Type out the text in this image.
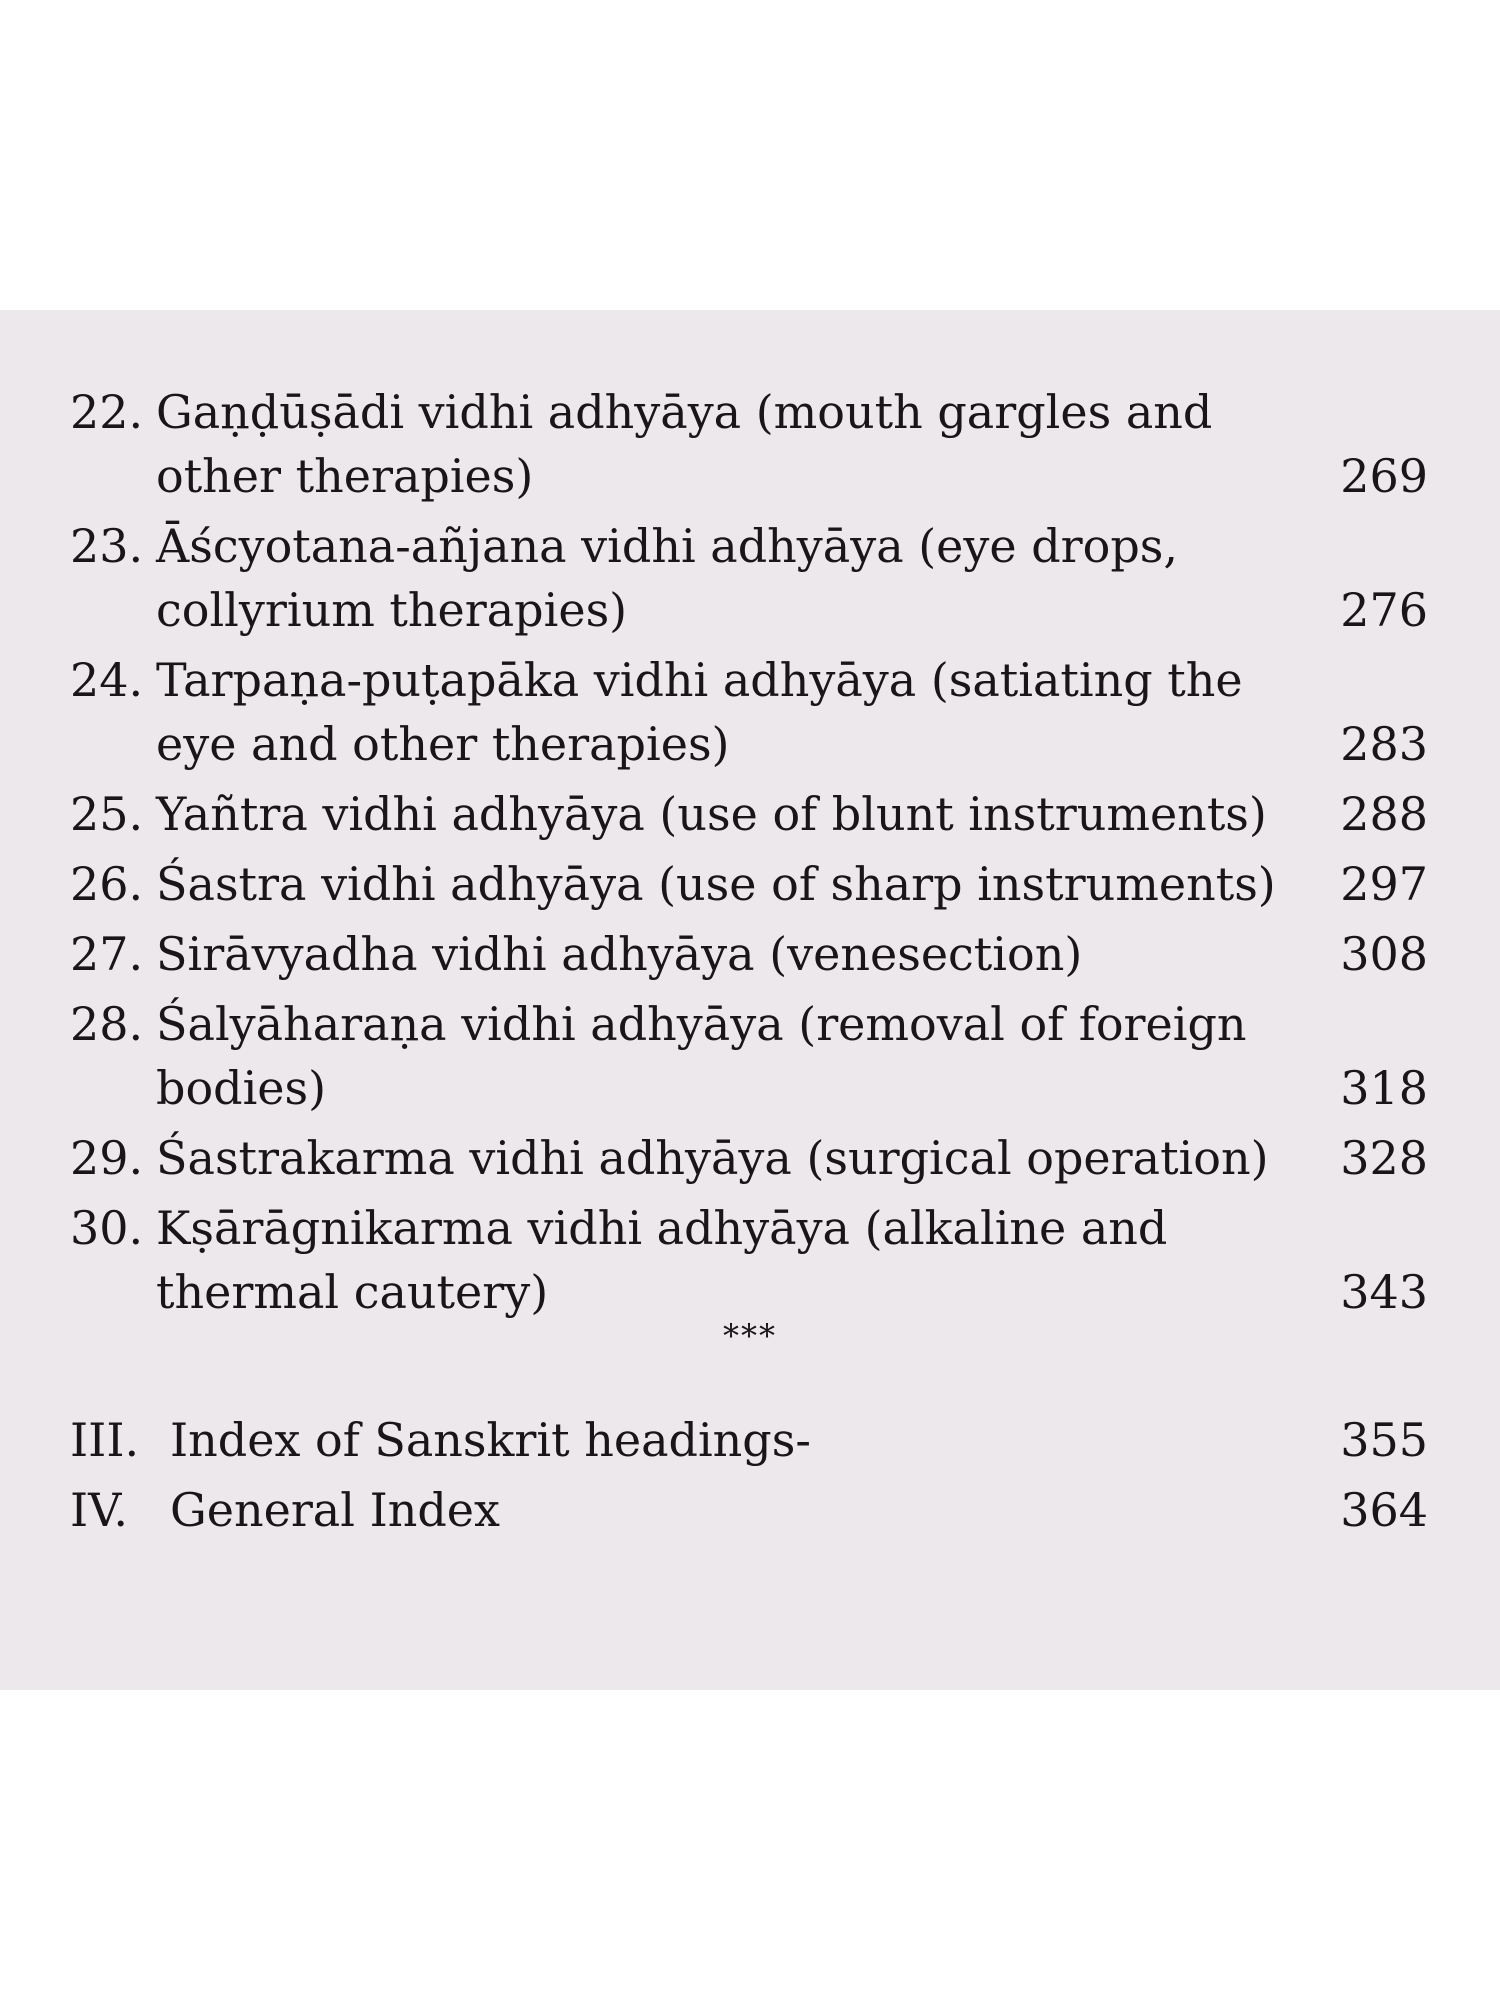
22. Gaṇḍūṣādi vidhi adhyāya (mouth gargles and other therapies)	269
23. Āścyotana-añjana vidhi adhyāya (eye drops, collyrium therapies)	276
24. Tarpaṇa-puṭapāka vidhi adhyāya (satiating the eye and other therapies)	283
25. Yañtra vidhi adhyāya (use of blunt instruments)	288
26. Śastra vidhi adhyāya (use of sharp instruments)	297
27. Sirāvyadha vidhi adhyāya (venesection)	308
28. Śalyāharaṇa vidhi adhyāya (removal of foreign bodies)	318
29. Śastrakarma vidhi adhyāya (surgical operation)	328
30. Kṣārāgnikarma vidhi adhyāya (alkaline and thermal cautery)	343
III. Index of Sanskrit headings-	355
IV. General Index	364
***
